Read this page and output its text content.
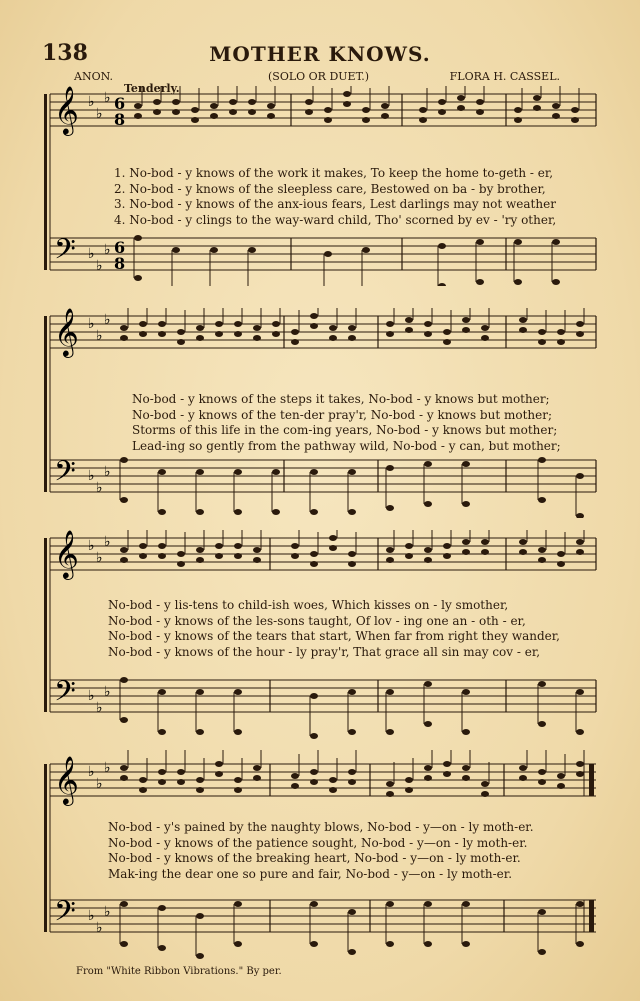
138	MOTHER KNOWS.
ANON.	(SOLO OR DUET.)	FLORA H. CASSEL.
Tenderly.
𝄞
𝄢
♭
♭
♭
♭
♭
♭
6
8
6
8
1. No-bod - y knows of the work it makes, To keep the home to-geth - er,
2. No-bod - y knows of the sleepless care, Bestowed on ba - by brother,
3. No-bod - y knows of the anx-ious fears, Lest darlings may not weather
4. No-bod - y clings to the way-ward child, Tho' scorned by ev - 'ry other,
𝄞
𝄢
♭
♭
♭
♭
♭
♭
No-bod - y knows of the steps it takes, No-bod - y knows but mother;
No-bod - y knows of the ten-der pray'r, No-bod - y knows but mother;
Storms of this life in the com-ing years, No-bod - y knows but mother;
Lead-ing so gently from the pathway wild, No-bod - y can, but mother;
𝄞
𝄢
♭
♭
♭
♭
♭
♭
No-bod - y lis-tens to child-ish woes, Which kisses on - ly smother,
No-bod - y knows of the les-sons taught, Of lov - ing one an - oth - er,
No-bod - y knows of the tears that start, When far from right they wander,
No-bod - y knows of the hour - ly pray'r, That grace all sin may cov - er,
𝄞
𝄢
♭
♭
♭
♭
♭
♭
No-bod - y's pained by the naughty blows, No-bod - y—on - ly moth-er.
No-bod - y knows of the patience sought, No-bod - y—on - ly moth-er.
No-bod - y knows of the breaking heart, No-bod - y—on - ly moth-er.
Mak-ing the dear one so pure and fair, No-bod - y—on - ly moth-er.
From "White Ribbon Vibrations." By per.
